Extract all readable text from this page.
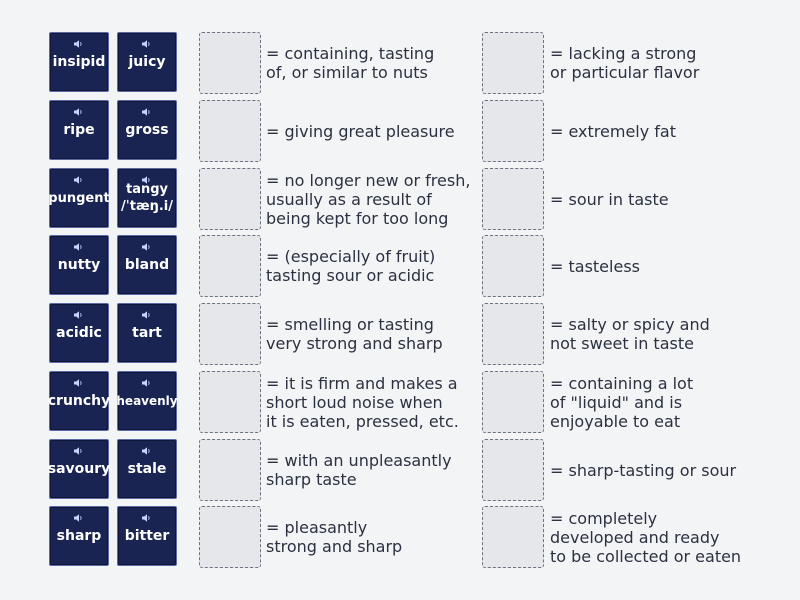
insipid juicy
ripe gross
pungent
tangy
/ˈtæŋ.i/
nutty bland
acidic tart
crunchy heavenly
savoury stale
sharp bitter
= containing, tasting
of, or similar to nuts
= giving great pleasure
= no longer new or fresh,
usually as a result of
being kept for too long
= (especially of fruit)
tasting sour or acidic
= smelling or tasting
very strong and sharp
= it is firm and makes a
short loud noise when
it is eaten, pressed, etc.
= with an unpleasantly
sharp taste
= pleasantly
strong and sharp
= lacking a strong
or particular flavor
= extremely fat
= sour in taste
= tasteless
= salty or spicy and
not sweet in taste
= containing a lot
of "liquid" and is
enjoyable to eat
= sharp-tasting or sour
= completely
developed and ready
to be collected or eaten
